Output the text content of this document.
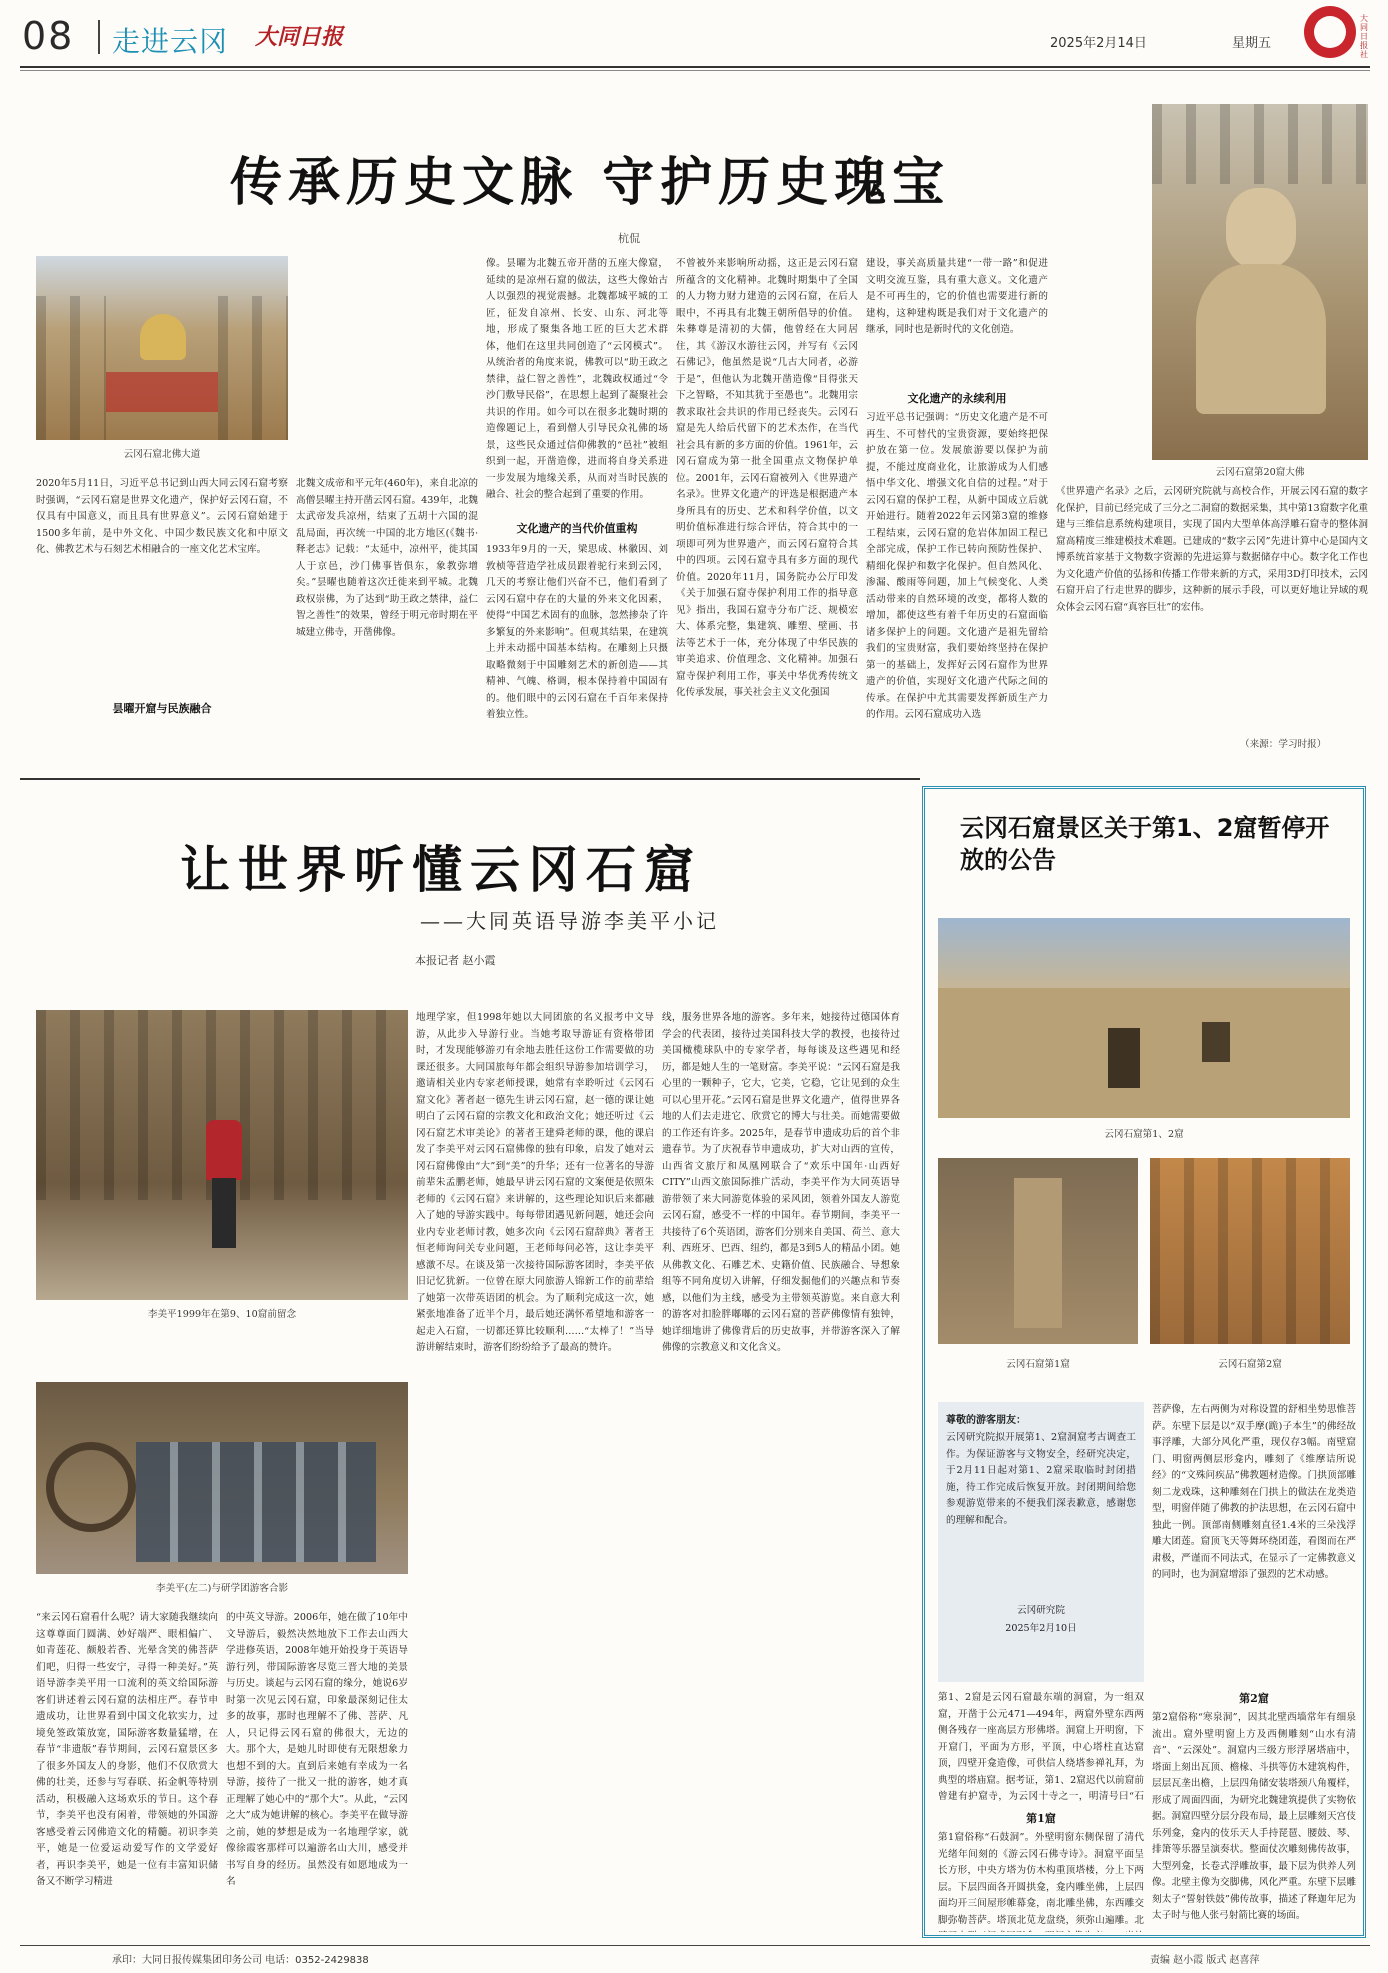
08 走进云冈 大同日报	2025年2月14日	星期五
大同日报社
传承历史文脉 守护历史瑰宝
杭侃
云冈石窟北佛大道
2020年5月11日，习近平总书记到山西大同云冈石窟考察时强调，“云冈石窟是世界文化遗产，保护好云冈石窟，不仅具有中国意义，而且具有世界意义”。云冈石窟始建于1500多年前，是中外文化、中国少数民族文化和中原文化、佛教艺术与石刻艺术相融合的一座文化艺术宝库。
昙曜开窟与民族融合
北魏文成帝和平元年(460年)，来自北凉的高僧昙曜主持开凿云冈石窟。439年，北魏太武帝发兵凉州，结束了五胡十六国的混乱局面，再次统一中国的北方地区(《魏书·释老志》记载：“太延中，凉州平，徙其国人于京邑，沙门佛事皆俱东，象教弥增矣。”昙曜也随着这次迁徙来到平城。北魏政权崇佛，为了达到“助王政之禁律，益仁智之善性”的效果，曾经于明元帝时期在平城建立佛寺，开凿佛像。
像。昙曜为北魏五帝开凿的五座大像窟，延续的是凉州石窟的做法，这些大像始古人以强烈的视觉震撼。北魏都城平城的工匠，征发自凉州、长安、山东、河北等地，形成了聚集各地工匠的巨大艺术群体，他们在这里共同创造了“云冈模式”。从统治者的角度来说，佛教可以“助王政之禁律，益仁智之善性”，北魏政权通过“令沙门敷导民俗”，在思想上起到了凝聚社会共识的作用。如今可以在很多北魏时期的造像题记上，看到僧人引导民众礼佛的场景，这些民众通过信仰佛教的“邑社”被组织到一起，开凿造像，进而将自身关系进一步发展为地缘关系，从而对当时民族的融合、社会的整合起到了重要的作用。
文化遗产的当代价值重构
1933年9月的一天，梁思成、林徽因、刘敦桢等营造学社成员跟着驼行来到云冈，几天的考察让他们兴奋不已，他们看到了云冈石窟中存在的大量的外来文化因素，使得“中国艺术固有的血脉，忽然掺杂了许多繁复的外来影响”。但观其结果，在建筑上并未动摇中国基本结构。在雕刻上只摄取略微刻于中国雕刻艺术的新创造——其精神、气魄、格调，根本保持着中国固有的。他们眼中的云冈石窟在千百年来保持着独立性。
不曾被外来影响所动摇，这正是云冈石窟所蕴含的文化精神。北魏时期集中了全国的人力物力财力建造的云冈石窟，在后人眼中，不再具有北魏王朝所倡导的价值。朱彝尊是清初的大儒，他曾经在大同居住，其《游汉水游往云冈，并写有《云冈石佛记》，他虽然是说“几古大同者，必游于是”，但他认为北魏开凿造像“目得张天下之智略，不知其犹于至愚也”。北魏用宗教求取社会共识的作用已经丧失。云冈石窟是先人给后代留下的艺术杰作，在当代社会具有新的多方面的价值。1961年，云冈石窟成为第一批全国重点文物保护单位。2001年，云冈石窟被列入《世界遗产名录》。世界文化遗产的评选是根据遗产本身所具有的历史、艺术和科学价值，以文明价值标准进行综合评估，符合其中的一项即可列为世界遗产，而云冈石窟符合其中的四项。云冈石窟寺具有多方面的现代价值。2020年11月，国务院办公厅印发《关于加强石窟寺保护利用工作的指导意见》指出，我国石窟寺分布广泛、规模宏大、体系完整，集建筑、雕塑、壁画、书法等艺术于一体，充分体现了中华民族的审美追求、价值理念、文化精神。加强石窟寺保护利用工作，事关中华优秀传统文化传承发展，事关社会主义文化强国
建设，事关高质量共建“一带一路”和促进文明交流互鉴，具有重大意义。文化遗产是不可再生的，它的价值也需要进行新的建构，这种建构既是我们对于文化遗产的继承，同时也是新时代的文化创造。
文化遗产的永续利用
习近平总书记强调：“历史文化遗产是不可再生、不可替代的宝贵资源，要始终把保护放在第一位。发展旅游要以保护为前提，不能过度商业化，让旅游成为人们感悟中华文化、增强文化自信的过程。”对于云冈石窟的保护工程，从新中国成立后就开始进行。随着2022年云冈第3窟的维修工程结束，云冈石窟的危岩体加固工程已全部完成，保护工作已转向预防性保护、精细化保护和数字化保护。但自然风化、渗漏、酸雨等问题，加上气候变化、人类活动带来的自然环境的改变，都将人数的增加，都使这些有着千年历史的石窟面临诸多保护上的问题。文化遗产是祖先留给我们的宝贵财富，我们要始终坚持在保护第一的基础上，发挥好云冈石窟作为世界遗产的价值，实现好文化遗产代际之间的传承。在保护中尤其需要发挥新质生产力的作用。云冈石窟成功入选
云冈石窟第20窟大佛
《世界遗产名录》之后，云冈研究院就与高校合作，开展云冈石窟的数字化保护，目前已经完成了三分之二洞窟的数据采集，其中第13窟数字化重建与三维信息系统构建项目，实现了国内大型单体高浮雕石窟寺的整体洞窟高精度三维建模技术难题。已建成的“数字云冈”先进计算中心是国内文博系统首家基于文物数字资源的先进运算与数据储存中心。数字化工作也为文化遗产价值的弘扬和传播工作带来新的方式，采用3D打印技术，云冈石窟开启了行走世界的脚步，这种新的展示手段，可以更好地让异域的观众体会云冈石窟“真容巨壮”的宏伟。
（来源：学习时报）
让世界听懂云冈石窟
——大同英语导游李美平小记
本报记者 赵小霞
李美平1999年在第9、10窟前留念
李美平(左二)与研学团游客合影
“来云冈石窟看什么呢？请大家随我继续向这尊尊面门圆满、妙好端严、眼相偏广、如青莲花、颇般若香、光晕含笑的佛菩萨们吧，归得一些安宁，寻得一种美好。”英语导游李美平用一口流利的英文给国际游客们讲述着云冈石窟的法相庄严。春节申遗成功，让世界看到中国文化软实力，过境免签政策放宽，国际游客数量猛增，在春节“非遗版”春节期间，云冈石窟景区多了很多外国友人的身影，他们不仅欣赏大佛的壮美，还参与写春联、拓金帆等特别活动，积极融入这场欢乐的节日。这个春节，李美平也没有闲着，带领她的外国游客感受着云冈佛造文化的精髓。初识李美平，她是一位爱运动爱写作的文学爱好者，再识李美平，她是一位有丰富知识储备又不断学习精进
的中英文导游。2006年，她在做了10年中文导游后，毅然决然地放下工作去山西大学进修英语，2008年她开始投身于英语导游行列，带国际游客尽览三晋大地的美景与历史。谈起与云冈石窟的缘分，她说6岁时第一次见云冈石窟，印象最深刻记住太多的故事，那时也理解不了佛、菩萨、凡人，只记得云冈石窟的佛很大，无边的大。那个大，是她儿时即使有无限想象力也想不到的大。直到后来她有幸成为一名导游，接待了一批又一批的游客，她才真正理解了她心中的“那个大”。从此，“云冈之大”成为她讲解的核心。李美平在做导游之前，她的梦想是成为一名地理学家，就像徐霞客那样可以遍游名山大川，感受并书写自身的经历。虽然没有如愿地成为一名
地理学家，但1998年她以大同团旅的名义报考中文导游，从此步入导游行业。当她考取导游证有资格带团时，才发现能够游刃有余地去胜任这份工作需要做的功课还很多。大同国旅每年都会组织导游参加培训学习，邀请相关业内专家老师授课，她常有幸聆听过《云冈石窟文化》著者赵一德先生讲云冈石窟，赵一德的课让她明白了云冈石窟的宗教文化和政治文化；她还听过《云冈石窟艺术审美论》的著者王建舜老师的课，他的课启发了李美平对云冈石窟佛像的独有印象，启发了她对云冈石窟佛像由“大”到“美”的升华；还有一位著名的导游前辈朱孟鹏老师，她最早讲云冈石窟的文案便是依照朱老师的《云冈石窟》来讲解的，这些理论知识后来都融入了她的导游实践中。每每带团遇见新问题，她还会向业内专业老师讨教，她多次向《云冈石窟辞典》著者王恒老师询问关专业问题，王老师每问必答，这让李美平感激不尽。在谈及第一次接待国际游客团时，李美平依旧记忆犹新。一位曾在原大同旅游人锦新工作的前辈给了她第一次带英语团的机会。为了顺利完成这一次，她紧张地准备了近半个月，最后她还满怀希望地和游客一起走入石窟，一切都还算比较顺利……“太棒了！”当导游讲解结束时，游客们纷纷给予了最高的赞许。
线，服务世界各地的游客。多年来，她接待过德国体育学会的代表团，接待过美国科技大学的教授，也接待过美国橄榄球队中的专家学者，每每谈及这些遇见和经历，都是她人生的一笔财富。李美平说：“云冈石窟是我心里的一颗种子，它大，它美，它稳，它让见到的众生可以心里开花。”云冈石窟是世界文化遗产，值得世界各地的人们去走进它、欣赏它的博大与壮美。而她需要做的工作还有许多。2025年，是春节申遗成功后的首个非遗春节。为了庆祝春节申遗成功，扩大对山西的宣传，山西省文旅厅和凤凰网联合了“欢乐中国年·山西好CITY”山西文旅国际推广活动，李美平作为大同英语导游带领了来大同游览体验的采风团，领着外国友人游览云冈石窟，感受不一样的中国年。春节期间，李美平一共接待了6个英语团，游客们分别来自美国、荷兰、意大利、西班牙、巴西、纽约，都是3到5人的精品小团。她从佛教文化、石雕艺术、史籍价值、民族融合、导想象组等不同角度切入讲解，仔细发掘他们的兴趣点和节奏感，以他们为主线，感受为主带领英游览。来自意大利的游客对扣脸胖嘟嘟的云冈石窟的菩萨佛像情有独钟，她详细地讲了佛像背后的历史故事，并带游客深入了解佛像的宗教意义和文化含义。
云冈石窟景区关于第1、2窟暂停开放的公告
云冈石窟第1、2窟
云冈石窟第1窟	云冈石窟第2窟
尊敬的游客朋友：
云冈研究院拟开展第1、2窟洞窟考古调查工作。为保证游客与文物安全，经研究决定，于2月11日起对第1、2窟采取临时封闭措施，待工作完成后恢复开放。封闭期间给您参观游览带来的不便我们深表歉意，感谢您的理解和配合。
云冈研究院
2025年2月10日
第1、2窟是云冈石窟最东端的洞窟，为一组双窟，开凿于公元471—494年，两窟外壁东西两侧各残存一座高层方形佛塔。洞窟上开明窗，下开窟门，平面为方形，平顶，中心塔柱直达窟顶，四壁开龛造像，可供信人绕塔参禅礼拜，为典型的塔庙窟。据考证，第1、2窟迟代以前窟前曾建有护窟寺，为云冈十寺之一，明清号曰“石
第1窟
第1窟俗称“石鼓洞”。外壁明窗东侧保留了清代光绪年间刻的《游云冈石佛寺诗》。洞窟平面呈长方形，中央方塔为仿木构重顶塔楼，分上下两层。下层四面各开圆拱龛，龛内雕坐佛，上层四面均开三间屋形帷幕龛，南北雕坐佛，东西雕交脚弥勒菩萨。塔顶北苋龙盘绕，须弥山遍雕。北
菩萨像，左右两侧为对称设置的舒相坐势思惟菩萨。东壁下层是以“双手摩(跪)子本生”的佛经故事浮雕，大部分风化严重，现仅存3幅。南壁窟门、明窗两侧层形龛内，雕刻了《维摩诘所说经》的“文殊问疾品”佛教题材造像。门拱顶部雕刻二龙戏珠，这种雕刻在门拱上的做法在龙类造型，明窗伴随了佛教的护法思想，在云冈石窟中独此一例。顶部南侧雕刻直径1.4米的三朵浅浮雕大团莲。窟顶飞天等舞环绕团莲，看图而在严肃极，严谨而不同法式，在显示了一定佛教意义的同时，也为洞窟增添了强烈的艺术动感。
第2窟
第2窟俗称“寒泉洞”，因其北壁西墙常年有细泉流出。窟外壁明窗上方及西侧雕刻“山水有清音”、“云深处”。洞窟内三级方形浮屠塔庙中，塔面上刻出瓦顶、檐椽、斗拱等仿木建筑构件，层层瓦垄出檐，上层四角储安装塔颈八角覆样，形成了周面四面，为研究北魏建筑提供了实物依据。洞窟四壁分层分段布局，最上层雕刻天宫伎乐列龛，龛内的伎乐天人手持琵琶、腰鼓、琴、排箫等乐器呈演奏状。整面仗次雕刻佛传故事，大型列龛，长卷式浮雕故事，最下层为供养人列像。北壁主像为交脚佛，风化严重。东壁下层雕刻太子“誓射铁鼓”佛传故事，描述了释迦年尼为太子时与他人张弓射箭比赛的场面。
承印：大同日报传媒集团印务公司 电话：0352-2429838	责编 赵小霞 版式 赵喜萍
